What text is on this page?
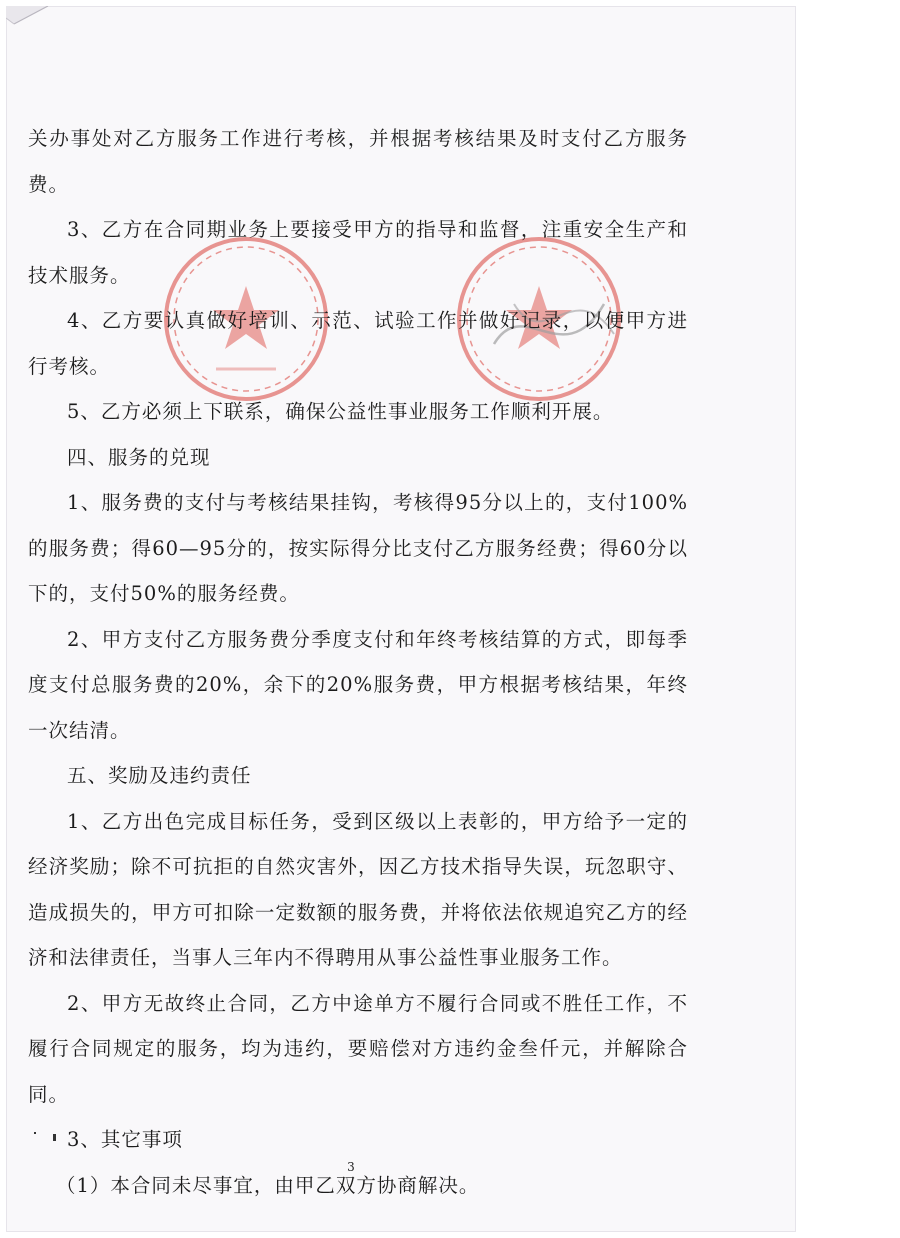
关办事处对乙方服务工作进行考核，并根据考核结果及时支付乙方服务费。

3、乙方在合同期业务上要接受甲方的指导和监督，注重安全生产和技术服务。

4、乙方要认真做好培训、示范、试验工作并做好记录，以便甲方进行考核。

5、乙方必须上下联系，确保公益性事业服务工作顺利开展。

四、服务的兑现

1、服务费的支付与考核结果挂钩，考核得95分以上的，支付100%的服务费；得60—95分的，按实际得分比支付乙方服务经费；得60分以下的，支付50%的服务经费。

2、甲方支付乙方服务费分季度支付和年终考核结算的方式，即每季度支付总服务费的20%，余下的20%服务费，甲方根据考核结果，年终一次结清。

五、奖励及违约责任

1、乙方出色完成目标任务，受到区级以上表彰的，甲方给予一定的经济奖励；除不可抗拒的自然灾害外，因乙方技术指导失误，玩忽职守、造成损失的，甲方可扣除一定数额的服务费，并将依法依规追究乙方的经济和法律责任，当事人三年内不得聘用从事公益性事业服务工作。

2、甲方无故终止合同，乙方中途单方不履行合同或不胜任工作，不履行合同规定的服务，均为违约，要赔偿对方违约金叁仟元，并解除合同。

3、其它事项

（1）本合同未尽事宜，由甲乙双方协商解决。

3
